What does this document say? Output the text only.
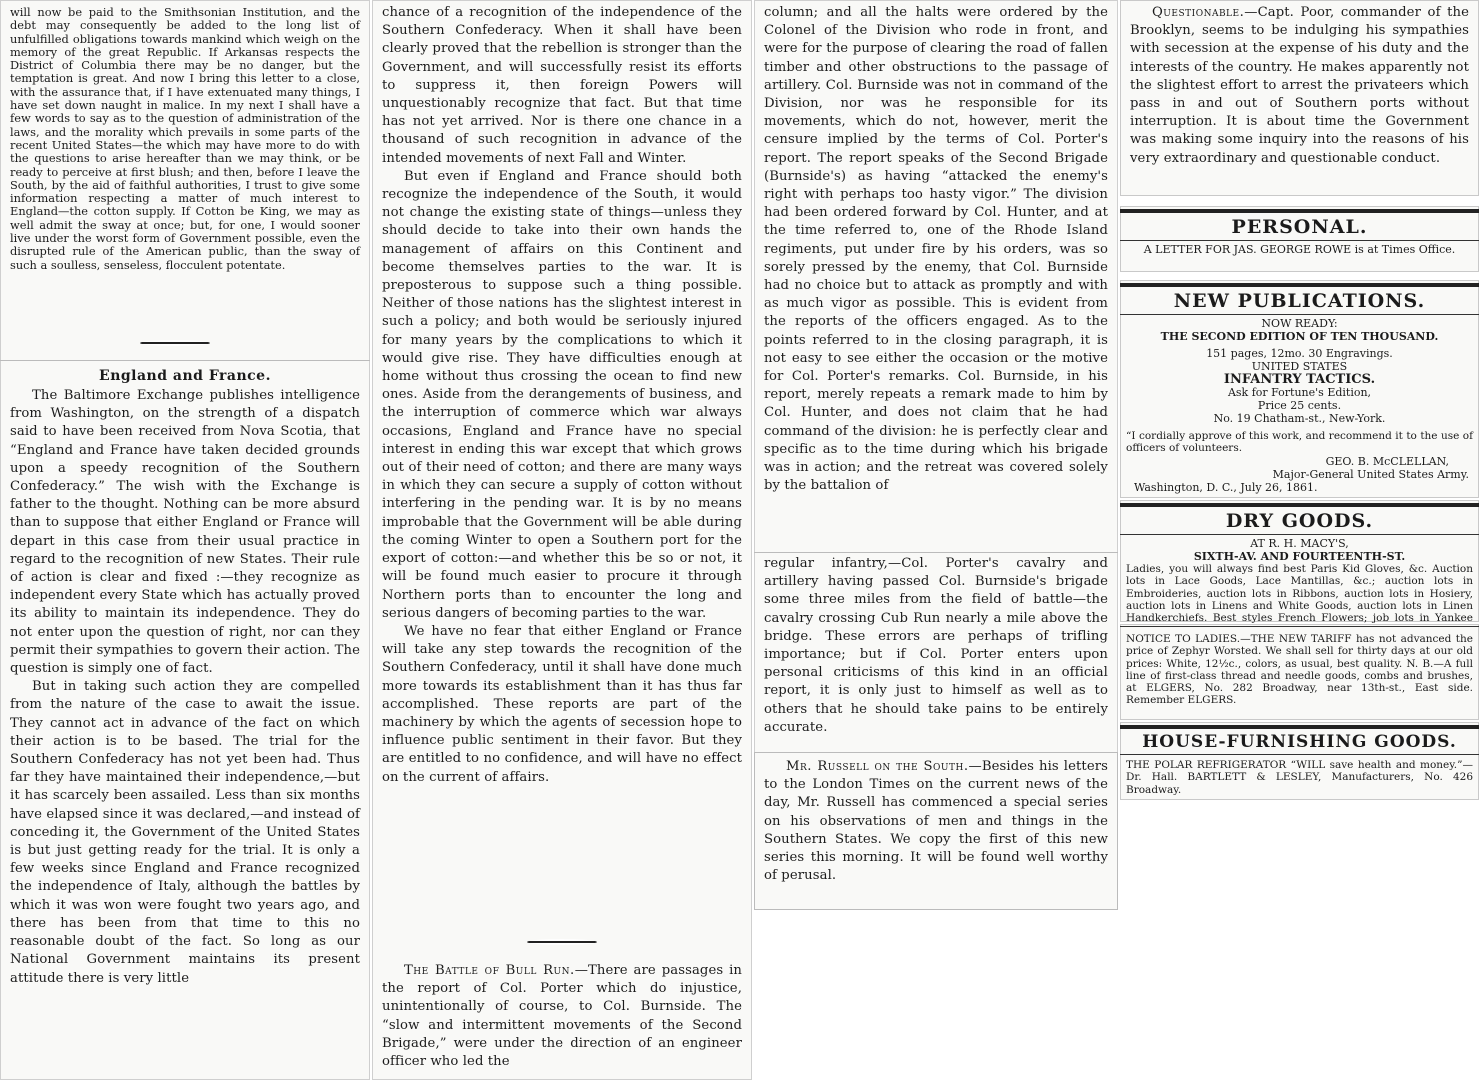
will now be paid to the Smithsonian Institution, and the debt may consequently be added to the long list of unfulfilled obligations towards mankind which weigh on the memory of the great Republic. If Arkansas respects the District of Columbia there may be no danger, but the temptation is great. And now I bring this letter to a close, with the assurance that, if I have extenuated many things, I have set down naught in malice. In my next I shall have a few words to say as to the question of administration of the laws, and the morality which prevails in some parts of the recent United States—the which may have more to do with the questions to arise hereafter than we may think, or be ready to perceive at first blush; and then, before I leave the South, by the aid of faithful authorities, I trust to give some information respecting a matter of much interest to England—the cotton supply. If Cotton be King, we may as well admit the sway at once; but, for one, I would sooner live under the worst form of Government possible, even the disrupted rule of the American public, than the sway of such a soulless, senseless, flocculent potentate.

England and France.

The Baltimore Exchange publishes intelligence from Washington, on the strength of a dispatch said to have been received from Nova Scotia, that “England and France have taken decided grounds upon a speedy recognition of the Southern Confederacy.” The wish with the Exchange is father to the thought. Nothing can be more absurd than to suppose that either England or France will depart in this case from their usual practice in regard to the recognition of new States. Their rule of action is clear and fixed :—they recognize as independent every State which has actually proved its ability to maintain its independence. They do not enter upon the question of right, nor can they permit their sympathies to govern their action. The question is simply one of fact.

But in taking such action they are compelled from the nature of the case to await the issue. They cannot act in advance of the fact on which their action is to be based. The trial for the Southern Confederacy has not yet been had. Thus far they have maintained their independence,—but it has scarcely been assailed. Less than six months have elapsed since it was declared,—and instead of conceding it, the Government of the United States is but just getting ready for the trial. It is only a few weeks since England and France recognized the independence of Italy, although the battles by which it was won were fought two years ago, and there has been from that time to this no reasonable doubt of the fact. So long as our National Government maintains its present attitude there is very little

chance of a recognition of the independence of the Southern Confederacy. When it shall have been clearly proved that the rebellion is stronger than the Government, and will successfully resist its efforts to suppress it, then foreign Powers will unquestionably recognize that fact. But that time has not yet arrived. Nor is there one chance in a thousand of such recognition in advance of the intended movements of next Fall and Winter.

But even if England and France should both recognize the independence of the South, it would not change the existing state of things—unless they should decide to take into their own hands the management of affairs on this Continent and become themselves parties to the war. It is preposterous to suppose such a thing possible. Neither of those nations has the slightest interest in such a policy; and both would be seriously injured for many years by the complications to which it would give rise. They have difficulties enough at home without thus crossing the ocean to find new ones. Aside from the derangements of business, and the interruption of commerce which war always occasions, England and France have no special interest in ending this war except that which grows out of their need of cotton; and there are many ways in which they can secure a supply of cotton without interfering in the pending war. It is by no means improbable that the Government will be able during the coming Winter to open a Southern port for the export of cotton:—and whether this be so or not, it will be found much easier to procure it through Northern ports than to encounter the long and serious dangers of becoming parties to the war.

We have no fear that either England or France will take any step towards the recognition of the Southern Confederacy, until it shall have done much more towards its establishment than it has thus far accomplished. These reports are part of the machinery by which the agents of secession hope to influence public sentiment in their favor. But they are entitled to no confidence, and will have no effect on the current of affairs.

The Battle of Bull Run.—There are passages in the report of Col. Porter which do injustice, unintentionally of course, to Col. Burnside. The “slow and intermittent movements of the Second Brigade,” were under the direction of an engineer officer who led the

column; and all the halts were ordered by the Colonel of the Division who rode in front, and were for the purpose of clearing the road of fallen timber and other obstructions to the passage of artillery. Col. Burnside was not in command of the Division, nor was he responsible for its movements, which do not, however, merit the censure implied by the terms of Col. Porter's report. The report speaks of the Second Brigade (Burnside's) as having “attacked the enemy's right with perhaps too hasty vigor.” The division had been ordered forward by Col. Hunter, and at the time referred to, one of the Rhode Island regiments, put under fire by his orders, was so sorely pressed by the enemy, that Col. Burnside had no choice but to attack as promptly and with as much vigor as possible. This is evident from the reports of the officers engaged. As to the points referred to in the closing paragraph, it is not easy to see either the occasion or the motive for Col. Porter's remarks. Col. Burnside, in his report, merely repeats a remark made to him by Col. Hunter, and does not claim that he had command of the division: he is perfectly clear and specific as to the time during which his brigade was in action; and the retreat was covered solely by the battalion of

regular infantry,—Col. Porter's cavalry and artillery having passed Col. Burnside's brigade some three miles from the field of battle—the cavalry crossing Cub Run nearly a mile above the bridge. These errors are perhaps of trifling importance; but if Col. Porter enters upon personal criticisms of this kind in an official report, it is only just to himself as well as to others that he should take pains to be entirely accurate.

Mr. Russell on the South.—Besides his letters to the London Times on the current news of the day, Mr. Russell has commenced a special series on his observations of men and things in the Southern States. We copy the first of this new series this morning. It will be found well worthy of perusal.

Questionable.—Capt. Poor, commander of the Brooklyn, seems to be indulging his sympathies with secession at the expense of his duty and the interests of the country. He makes apparently not the slightest effort to arrest the privateers which pass in and out of Southern ports without interruption. It is about time the Government was making some inquiry into the reasons of his very extraordinary and questionable conduct.

PERSONAL.

A LETTER FOR JAS. GEORGE ROWE is at Times Office.

NEW PUBLICATIONS.

NOW READY:

THE SECOND EDITION OF TEN THOUSAND.

151 pages, 12mo. 30 Engravings.

UNITED STATES

INFANTRY TACTICS.

Ask for Fortune's Edition,

Price 25 cents.

No. 19 Chatham-st., New-York.

“I cordially approve of this work, and recommend it to the use of officers of volunteers.

GEO. B. McCLELLAN,

Major-General United States Army.

Washington, D. C., July 26, 1861.

DRY GOODS.

AT R. H. MACY'S,

SIXTH-AV. AND FOURTEENTH-ST.

Ladies, you will always find best Paris Kid Gloves, &c. Auction lots in Lace Goods, Lace Mantillas, &c.; auction lots in Embroideries, auction lots in Ribbons, auction lots in Hosiery, auction lots in Linens and White Goods, auction lots in Linen Handkerchiefs. Best styles French Flowers; job lots in Yankee

NOTICE TO LADIES.—THE NEW TARIFF has not advanced the price of Zephyr Worsted. We shall sell for thirty days at our old prices: White, 12½c., colors, as usual, best quality. N. B.—A full line of first-class thread and needle goods, combs and brushes, at ELGERS, No. 282 Broadway, near 13th-st., East side. Remember ELGERS.

HOUSE-FURNISHING GOODS.

THE POLAR REFRIGERATOR “WILL save health and money.”—Dr. Hall. BARTLETT & LESLEY, Manufacturers, No. 426 Broadway.
